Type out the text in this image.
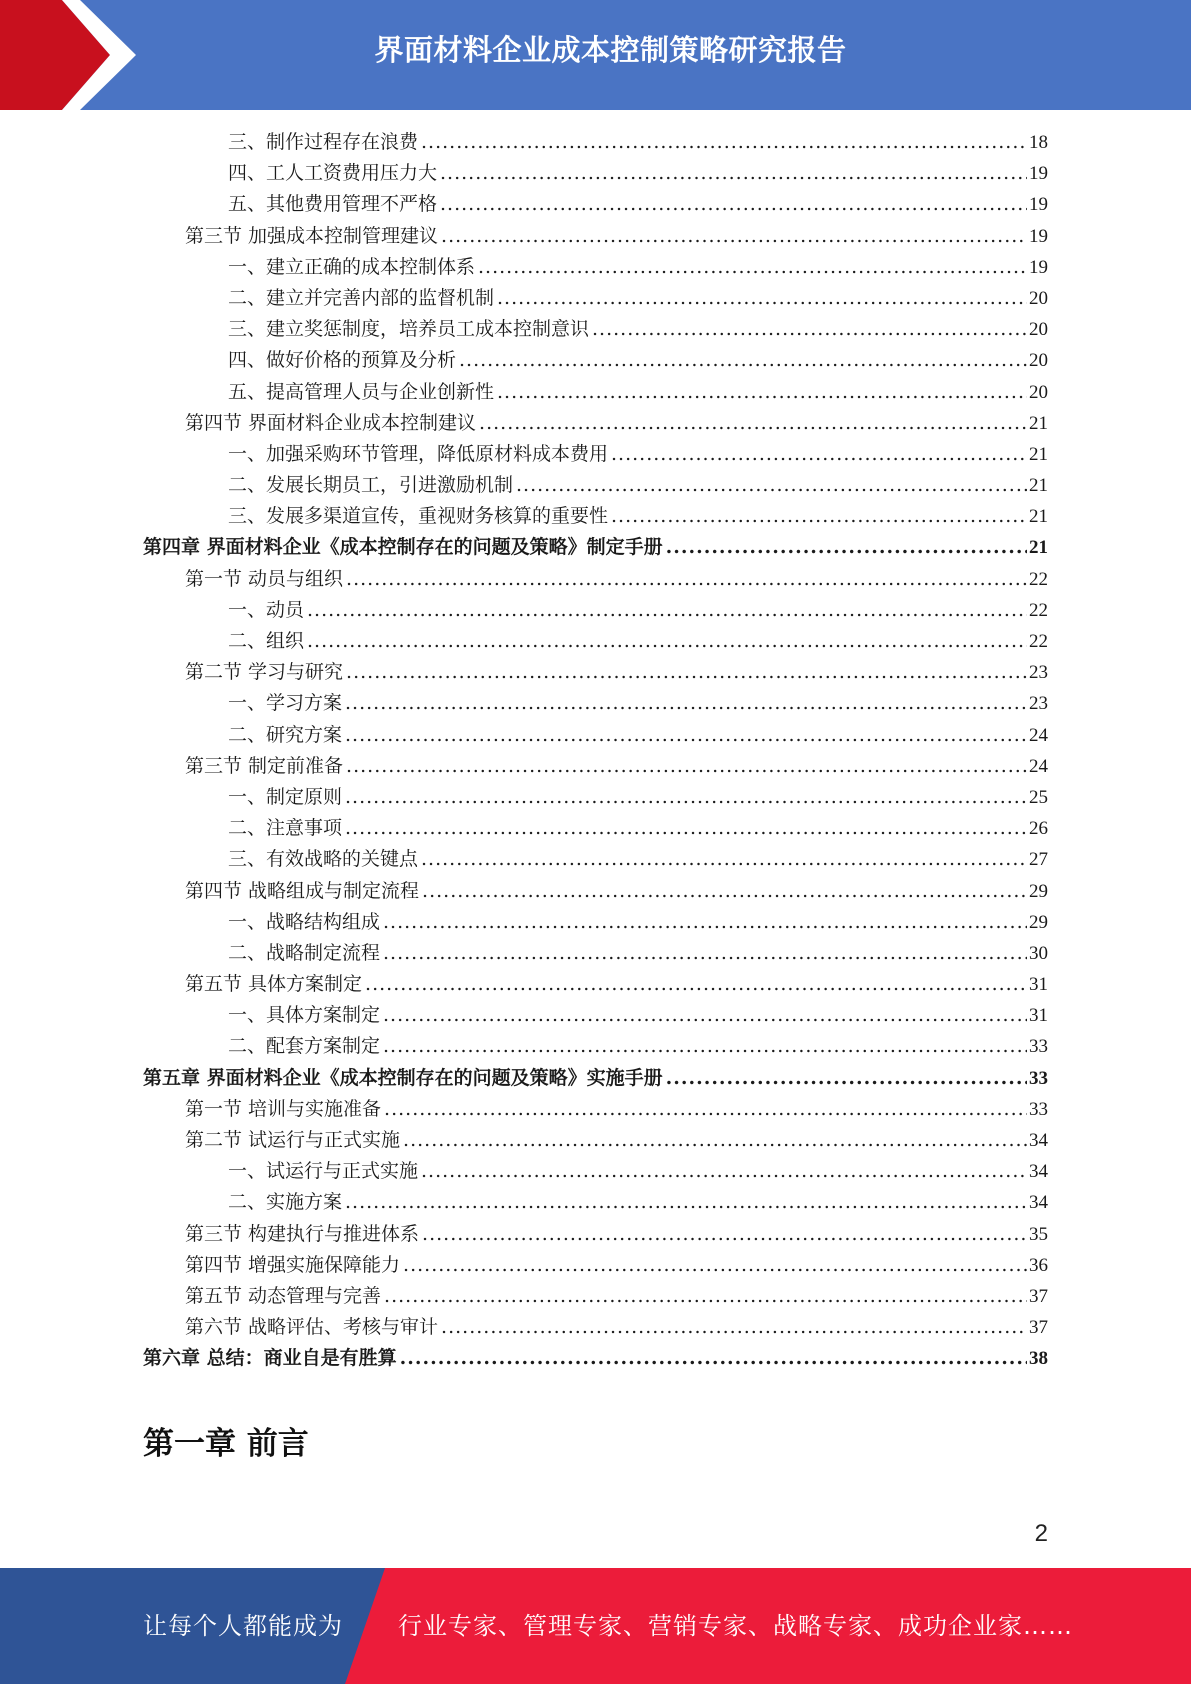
界面材料企业成本控制策略研究报告
三、制作过程存在浪费 .....	18
四、工人工资费用压力大 .....	19
五、其他费用管理不严格 .....	19
第三节 加强成本控制管理建议 .....	19
一、建立正确的成本控制体系 .....	19
二、建立并完善内部的监督机制 .....	20
三、建立奖惩制度，培养员工成本控制意识 .....	20
四、做好价格的预算及分析 .....	20
五、提高管理人员与企业创新性 .....	20
第四节 界面材料企业成本控制建议 .....	21
一、加强采购环节管理，降低原材料成本费用 .....	21
二、发展长期员工，引进激励机制 .....	21
三、发展多渠道宣传，重视财务核算的重要性 .....	21
第四章 界面材料企业《成本控制存在的问题及策略》制定手册 .....	21
第一节 动员与组织 .....	22
一、动员 .....	22
二、组织 .....	22
第二节 学习与研究 .....	23
一、学习方案 .....	23
二、研究方案 .....	24
第三节 制定前准备 .....	24
一、制定原则 .....	25
二、注意事项 .....	26
三、有效战略的关键点 .....	27
第四节 战略组成与制定流程 .....	29
一、战略结构组成 .....	29
二、战略制定流程 .....	30
第五节 具体方案制定 .....	31
一、具体方案制定 .....	31
二、配套方案制定 .....	33
第五章 界面材料企业《成本控制存在的问题及策略》实施手册 .....	33
第一节 培训与实施准备 .....	33
第二节 试运行与正式实施 .....	34
一、试运行与正式实施 .....	34
二、实施方案 .....	34
第三节 构建执行与推进体系 .....	35
第四节 增强实施保障能力 .....	36
第五节 动态管理与完善 .....	37
第六节 战略评估、考核与审计 .....	37
第六章 总结：商业自是有胜算 .....	38
第一章 前言
2
让每个人都能成为 行业专家、管理专家、营销专家、战略专家、成功企业家……
